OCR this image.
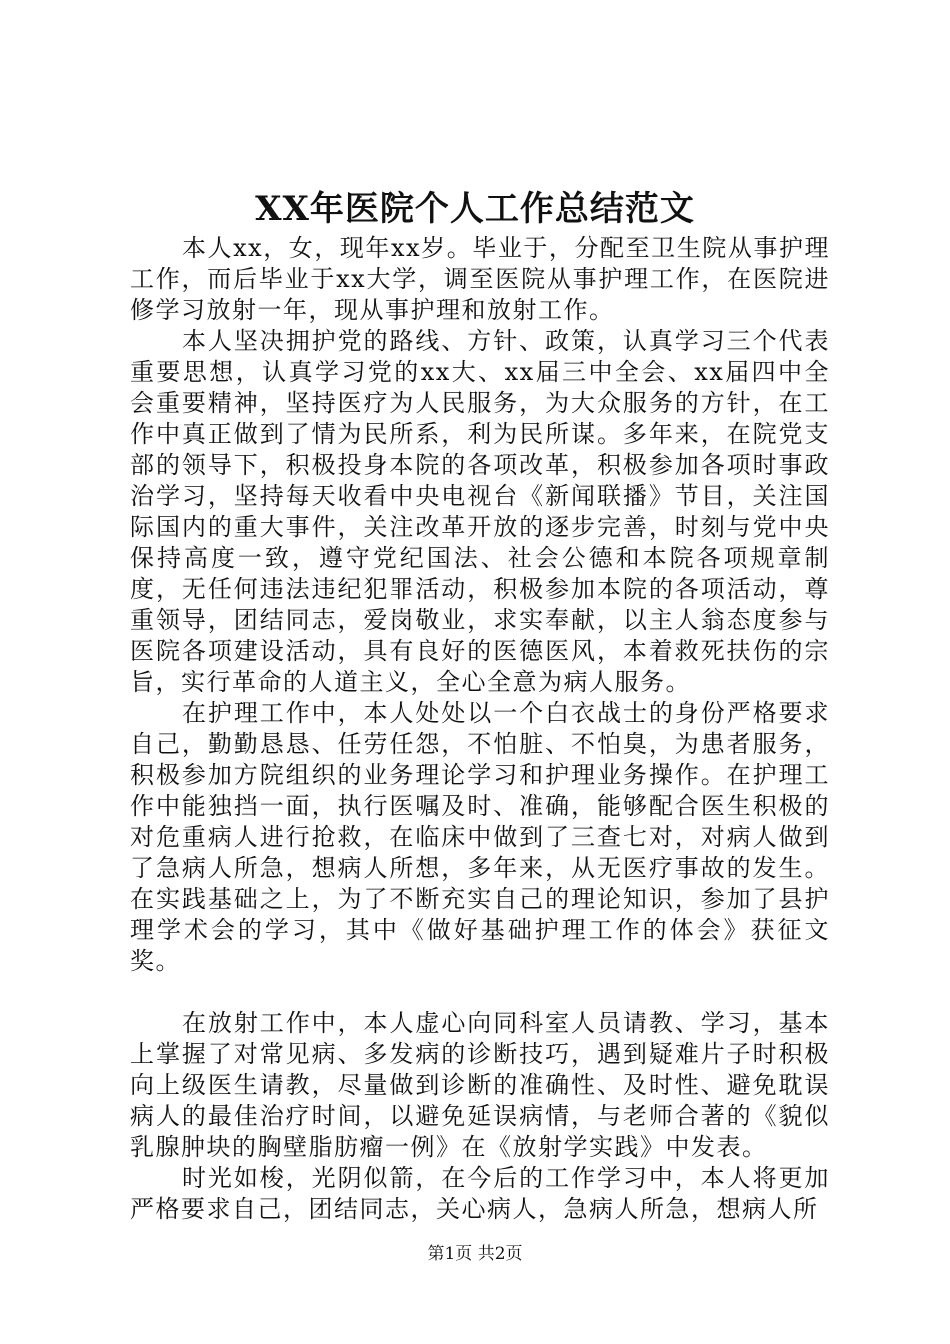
XX年医院个人工作总结范文

本人xx，女，现年xx岁。毕业于，分配至卫生院从事护理工作，而后毕业于xx大学，调至医院从事护理工作，在医院进修学习放射一年，现从事护理和放射工作。

本人坚决拥护党的路线、方针、政策，认真学习三个代表重要思想，认真学习党的xx大、xx届三中全会、xx届四中全会重要精神，坚持医疗为人民服务，为大众服务的方针，在工作中真正做到了情为民所系，利为民所谋。多年来，在院党支部的领导下，积极投身本院的各项改革，积极参加各项时事政治学习，坚持每天收看中央电视台《新闻联播》节目，关注国际国内的重大事件，关注改革开放的逐步完善，时刻与党中央保持高度一致，遵守党纪国法、社会公德和本院各项规章制度，无任何违法违纪犯罪活动，积极参加本院的各项活动，尊重领导，团结同志，爱岗敬业，求实奉献，以主人翁态度参与医院各项建设活动，具有良好的医德医风，本着救死扶伤的宗旨，实行革命的人道主义，全心全意为病人服务。

在护理工作中，本人处处以一个白衣战士的身份严格要求自己，勤勤恳恳、任劳任怨，不怕脏、不怕臭，为患者服务，积极参加方院组织的业务理论学习和护理业务操作。在护理工作中能独挡一面，执行医嘱及时、准确，能够配合医生积极的对危重病人进行抢救，在临床中做到了三查七对，对病人做到了急病人所急，想病人所想，多年来，从无医疗事故的发生。在实践基础之上，为了不断充实自己的理论知识，参加了县护理学术会的学习，其中《做好基础护理工作的体会》获征文奖。

在放射工作中，本人虚心向同科室人员请教、学习，基本上掌握了对常见病、多发病的诊断技巧，遇到疑难片子时积极向上级医生请教，尽量做到诊断的准确性、及时性、避免耽误病人的最佳治疗时间，以避免延误病情，与老师合著的《貌似乳腺肿块的胸壁脂肪瘤一例》在《放射学实践》中发表。

时光如梭，光阴似箭，在今后的工作学习中，本人将更加严格要求自己，团结同志，关心病人，急病人所急，想病人所

第1页 共2页
